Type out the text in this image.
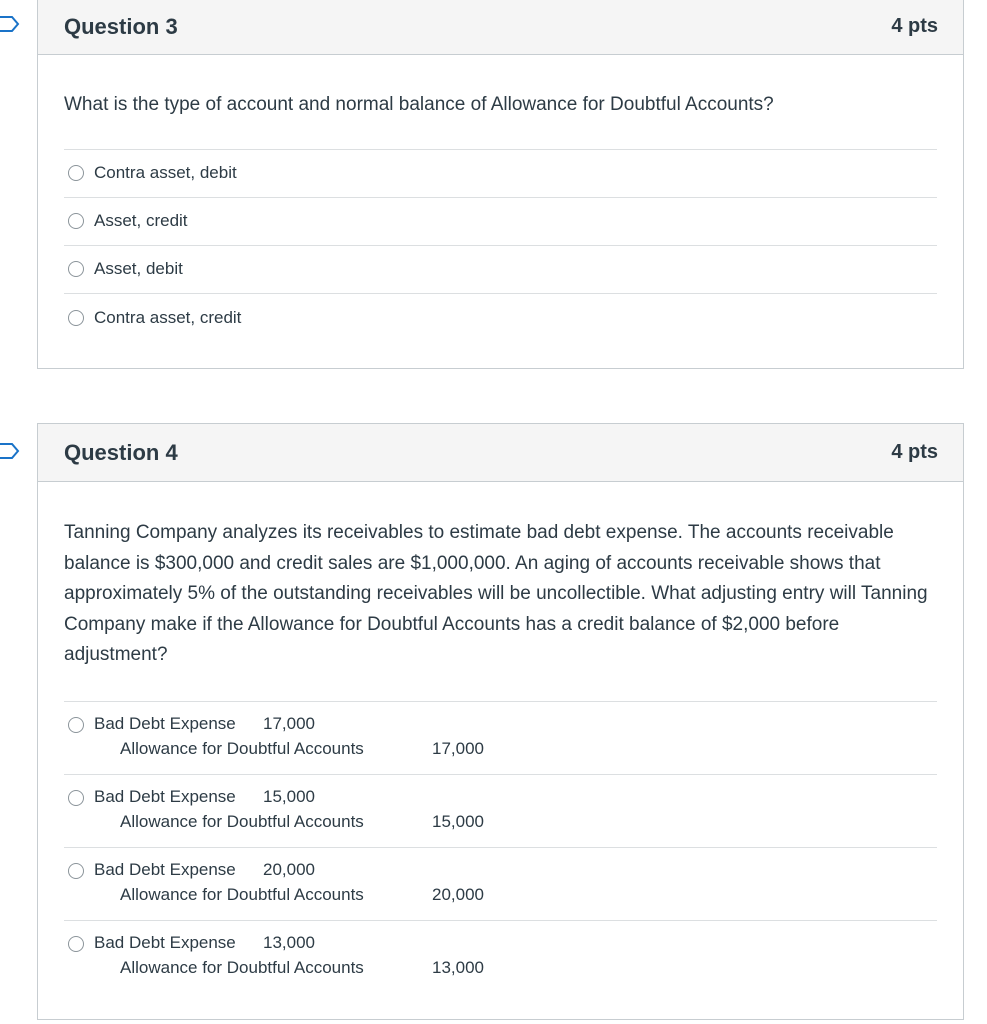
Question 3	4 pts

What is the type of account and normal balance of Allowance for Doubtful Accounts?

Contra asset, debit
Asset, credit
Asset, debit
Contra asset, credit
Question 4	4 pts

Tanning Company analyzes its receivables to estimate bad debt expense. The accounts receivable balance is $300,000 and credit sales are $1,000,000. An aging of accounts receivable shows that approximately 5% of the outstanding receivables will be uncollectible. What adjusting entry will Tanning Company make if the Allowance for Doubtful Accounts has a credit balance of $2,000 before adjustment?

Bad Debt Expense 17,000
Allowance for Doubtful Accounts	17,000
Bad Debt Expense 15,000
Allowance for Doubtful Accounts	15,000
Bad Debt Expense 20,000
Allowance for Doubtful Accounts	20,000
Bad Debt Expense 13,000
Allowance for Doubtful Accounts	13,000
